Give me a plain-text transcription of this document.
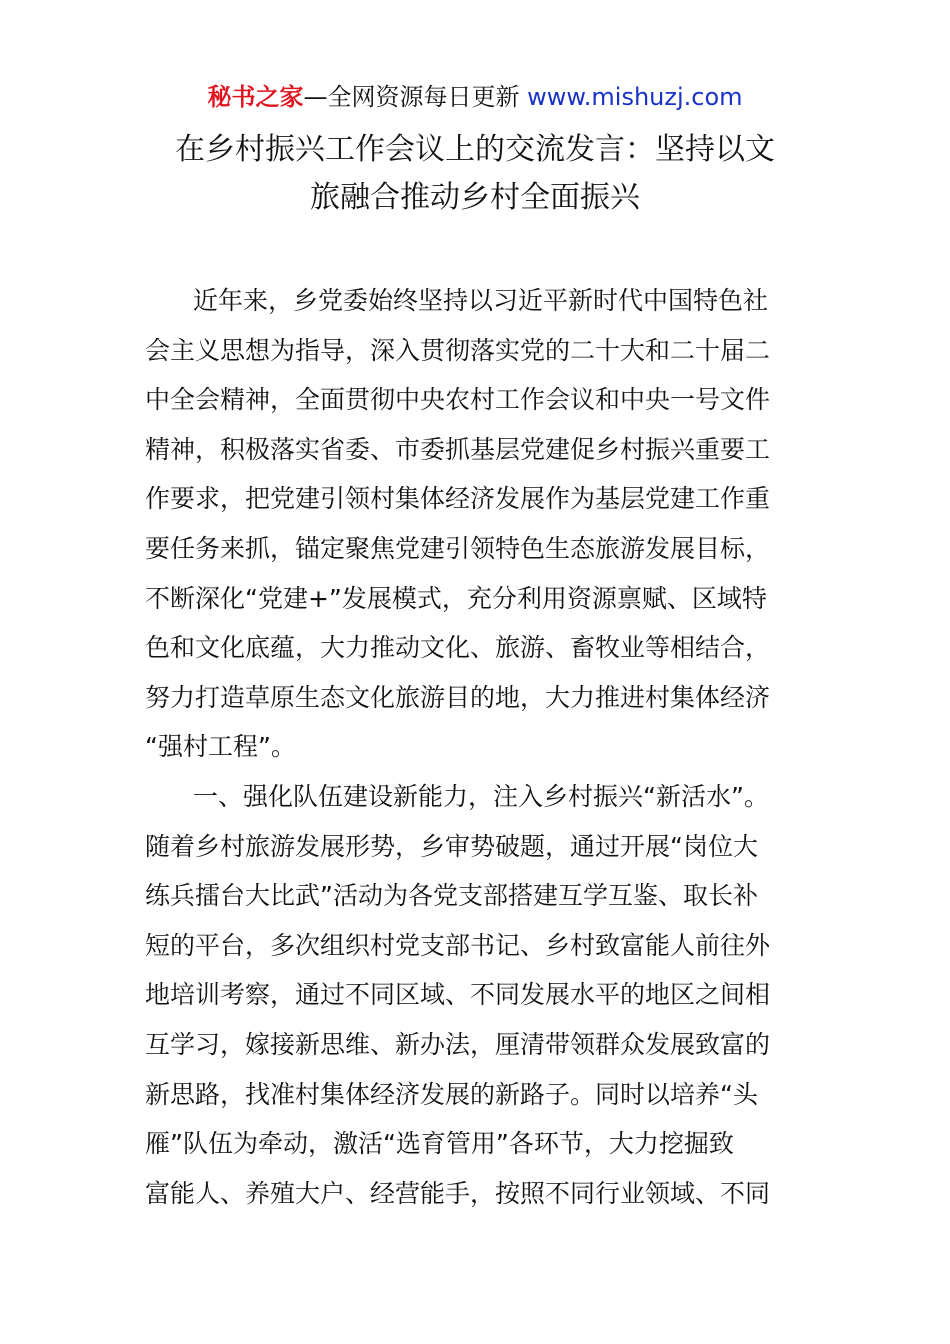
秘书之家—全网资源每日更新 www.mishuzj.com
在乡村振兴工作会议上的交流发言：坚持以文
旅融合推动乡村全面振兴
近年来，乡党委始终坚持以习近平新时代中国特色社
会主义思想为指导，深入贯彻落实党的二十大和二十届二
中全会精神，全面贯彻中央农村工作会议和中央一号文件
精神，积极落实省委、市委抓基层党建促乡村振兴重要工
作要求，把党建引领村集体经济发展作为基层党建工作重
要任务来抓，锚定聚焦党建引领特色生态旅游发展目标，
不断深化“党建+”发展模式，充分利用资源禀赋、区域特
色和文化底蕴，大力推动文化、旅游、畜牧业等相结合，
努力打造草原生态文化旅游目的地，大力推进村集体经济
“强村工程”。
一、强化队伍建设新能力，注入乡村振兴“新活水”。
随着乡村旅游发展形势，乡审势破题，通过开展“岗位大
练兵擂台大比武”活动为各党支部搭建互学互鉴、取长补
短的平台，多次组织村党支部书记、乡村致富能人前往外
地培训考察，通过不同区域、不同发展水平的地区之间相
互学习，嫁接新思维、新办法，厘清带领群众发展致富的
新思路，找准村集体经济发展的新路子。同时以培养“头
雁”队伍为牵动，激活“选育管用”各环节，大力挖掘致
富能人、养殖大户、经营能手，按照不同行业领域、不同
